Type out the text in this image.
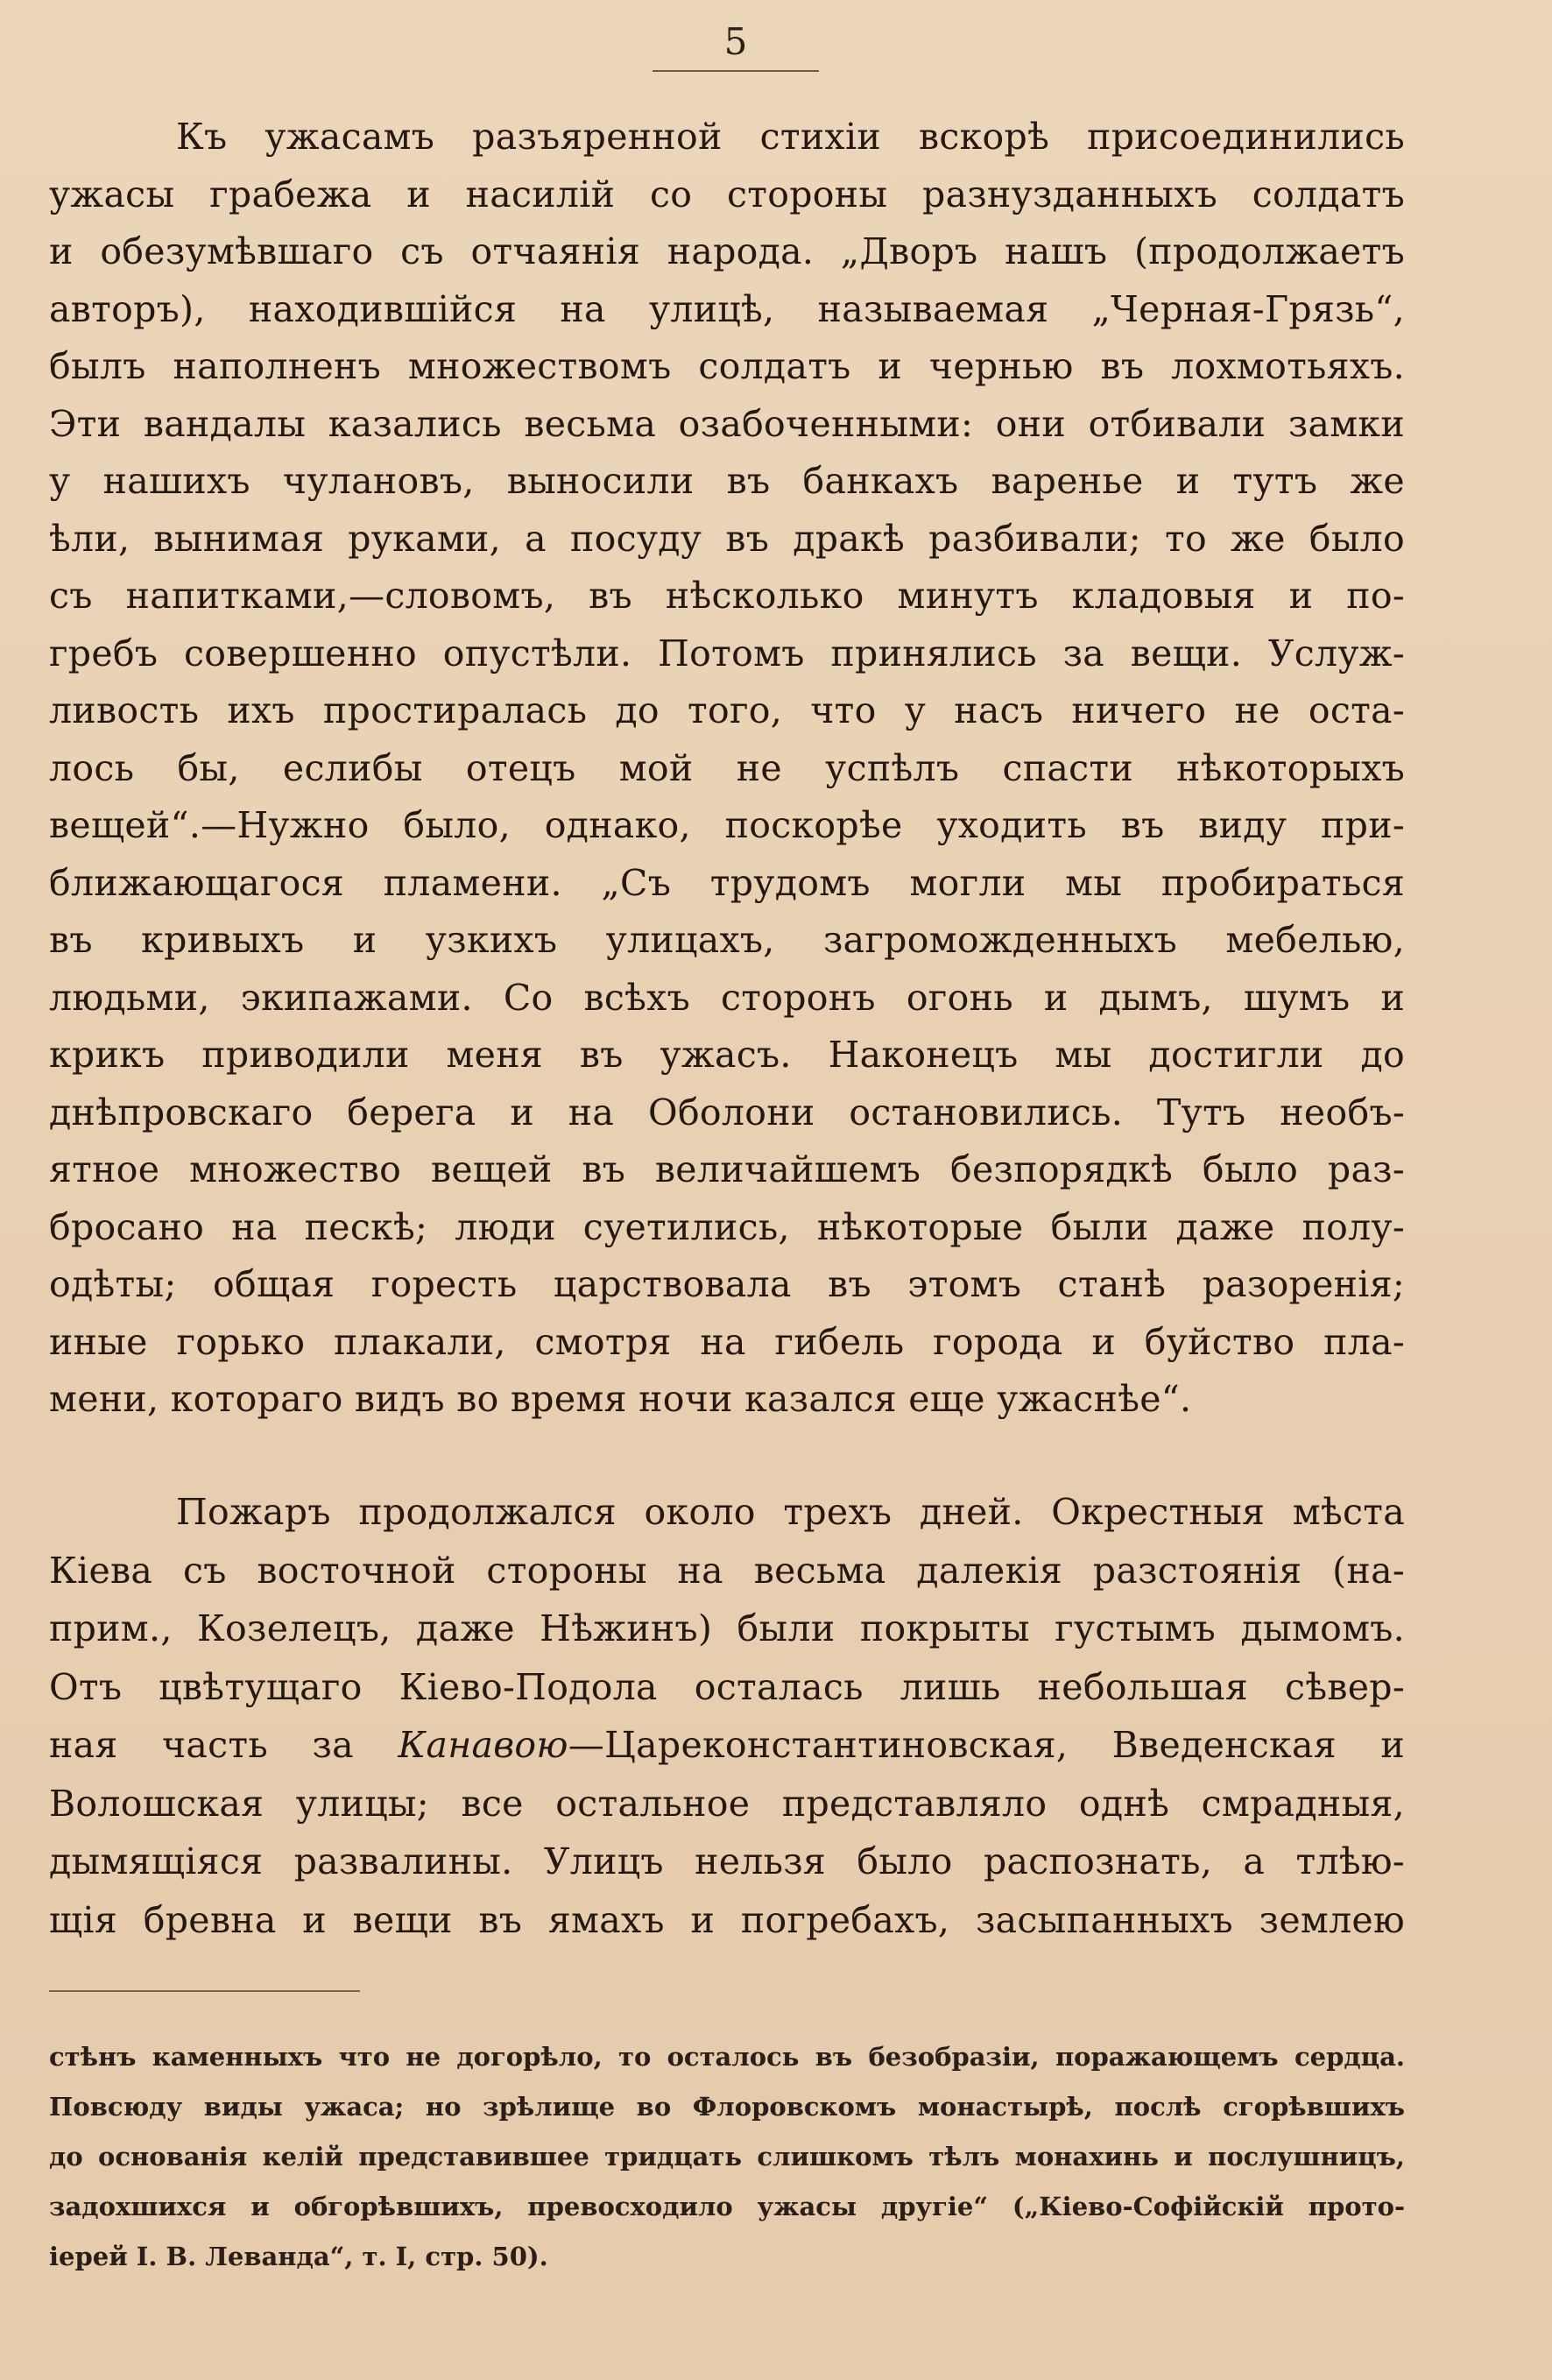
5
Къ ужасамъ разъяренной стихіи вскорѣ присоединились
ужасы грабежа и насилій со стороны разнузданныхъ солдатъ
и обезумѣвшаго съ отчаянія народа. „Дворъ нашъ (продолжаетъ
авторъ), находившійся на улицѣ, называемая „Черная-Грязь“,
былъ наполненъ множествомъ солдатъ и чернью въ лохмотьяхъ.
Эти вандалы казались весьма озабоченными: они отбивали замки
у нашихъ чулановъ, выносили въ банкахъ варенье и тутъ же
ѣли, вынимая руками, а посуду въ дракѣ разбивали; то же было
съ напитками,—словомъ, въ нѣсколько минутъ кладовыя и по-
гребъ совершенно опустѣли. Потомъ принялись за вещи. Услуж-
ливость ихъ простиралась до того, что у насъ ничего не оста-
лось бы, еслибы отецъ мой не успѣлъ спасти нѣкоторыхъ
вещей“.—Нужно было, однако, поскорѣе уходить въ виду при-
ближающагося пламени. „Съ трудомъ могли мы пробираться
въ кривыхъ и узкихъ улицахъ, загроможденныхъ мебелью,
людьми, экипажами. Со всѣхъ сторонъ огонь и дымъ, шумъ и
крикъ приводили меня въ ужасъ. Наконецъ мы достигли до
днѣпровскаго берега и на Оболони остановились. Тутъ необъ-
ятное множество вещей въ величайшемъ безпорядкѣ было раз-
бросано на пескѣ; люди суетились, нѣкоторые были даже полу-
одѣты; общая горесть царствовала въ этомъ станѣ разоренія;
иные горько плакали, смотря на гибель города и буйство пла-
мени, котораго видъ во время ночи казался еще ужаснѣе“.
Пожаръ продолжался около трехъ дней. Окрестныя мѣста
Кіева съ восточной стороны на весьма далекія разстоянія (на-
прим., Козелецъ, даже Нѣжинъ) были покрыты густымъ дымомъ.
Отъ цвѣтущаго Кіево-Подола осталась лишь небольшая сѣвер-
ная часть за Канавою—Цареконстантиновская, Введенская и
Волошская улицы; все остальное представляло однѣ смрадныя,
дымящіяся развалины. Улицъ нельзя было распознать, а тлѣю-
щія бревна и вещи въ ямахъ и погребахъ, засыпанныхъ землею
стѣнъ каменныхъ что не догорѣло, то осталось въ безобразіи, поражающемъ сердца.
Повсюду виды ужаса; но зрѣлище во Флоровскомъ монастырѣ, послѣ сгорѣвшихъ
до основанія келій представившее тридцать слишкомъ тѣлъ монахинь и послушницъ,
задохшихся и обгорѣвшихъ, превосходило ужасы другіе“ („Кіево-Софійскій прото-
іерей І. В. Левандa“, т. І, стр. 50).
